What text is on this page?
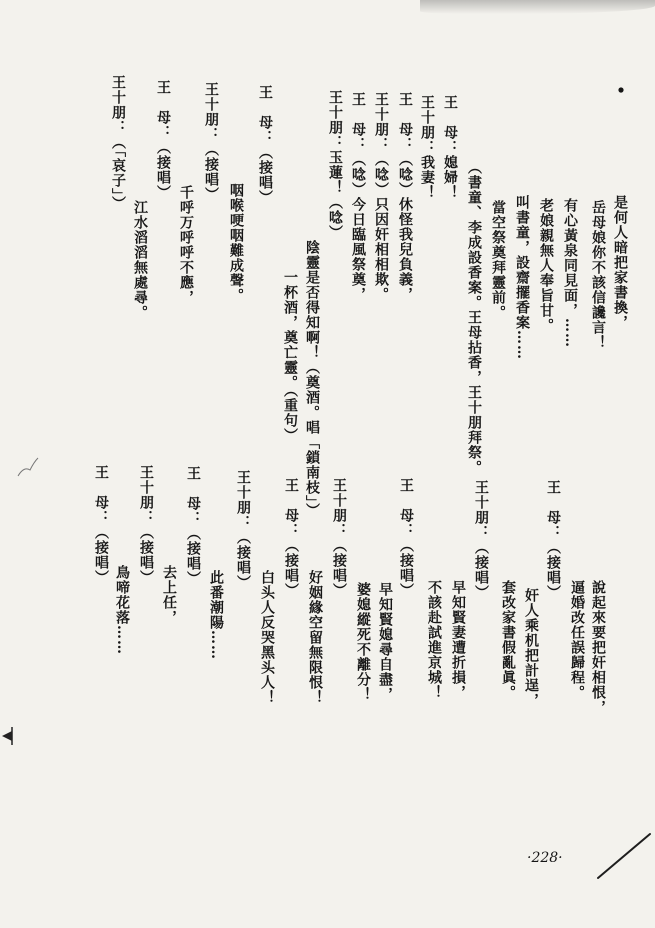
是何人暗把家書換，
岳母娘你不該信讒言！
有心黃泉同見面，……
老娘親無人奉旨甘。
叫書童，設齋擺香案……
當空祭奠拜靈前。
（書童、李成設香案。王母拈香，王十朋拜祭。
王　母：媳婦！
王十朋：我妻！
王　母：（唸）休怪我兒負義，
王十朋：（唸）只因奸相相欺。
王　母：（唸）今日臨風祭奠，
王十朋：玉蓮！（唸）
陰靈是否得知啊！（奠酒。唱「鎖南枝」）
一杯酒，奠亡靈。（重句）
王　母：（接唱）
咽喉哽咽難成聲。
王十朋：（接唱）
千呼万呼呼不應，
王　母：（接唱）
江水滔滔無處尋。
王十朋：（「哀子」）
說起來要把奸相恨，
逼婚改任誤歸程。
王　母：（接唱）
奸人乘机把計逞，
套改家書假亂眞。
王十朋：（接唱）
早知賢妻遭折損，
不該赴試進京城！
王　母：（接唱）
早知賢媳尋自盡，
婆媳縱死不離分！
王十朋：（接唱）
好姻緣空留無限恨！
王　母：（接唱）
白头人反哭黑头人！
王十朋：（接唱）
此番潮陽……
王　母：（接唱）
去上任，
王十朋：（接唱）
鳥啼花落……
王　母：（接唱）
·228·
